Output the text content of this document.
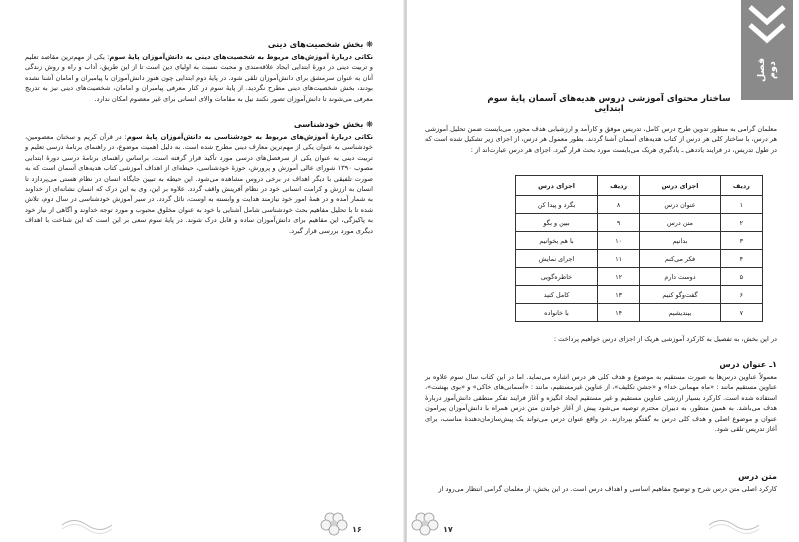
❋ بخش شخصیت‌های دینی

نکاتی دربارهٔ آموزش‌های مربوط به شخصیت‌های دینی به دانش‌آموزان پایهٔ سوم: یکی از مهم‌ترین مقاصد تعلیم و تربیت دینی در دورهٔ ابتدایی ایجاد علاقه‌مندی و محبت نسبت به اولیای دین است تا از این طریق، آداب و راه و روش زندگی آنان به عنوان سرمشق برای دانش‌آموزان تلقی شود. در پایهٔ دوم ابتدایی چون هنوز دانش‌آموزان با پیامبران و امامان آشنا نشده بودند، بخش شخصیت‌های دینی مطرح نگردید. از پایهٔ سوم در کنار معرفی پیامبران و امامان، شخصیت‌های دینی نیز به تدریج معرفی می‌شوند تا دانش‌آموزان تصور نکنند نیل به مقامات والای انسانی برای غیر معصوم امکان ندارد.

❋ بخش خودشناسی

نکاتی دربارهٔ آموزش‌های مربوط به خودشناسی به دانش‌آموزان پایهٔ سوم: در قرآن کریم و سخنان معصومین، خودشناسی به عنوان یکی از مهم‌ترین معارف دینی مطرح شده است. به دلیل اهمیت موضوع، در راهنمای برنامهٔ درسی تعلیم و تربیت دینی به عنوان یکی از سرفصل‌های درسی مورد تأکید قرار گرفته است. براساس راهنمای برنامهٔ درسی دورهٔ ابتدایی مصوب ۱۳۹۰ شورای عالی آموزش و پرورش، حوزهٔ خودشناسی، حیطه‌ای از اهداف آموزشی کتاب هدیه‌های آسمان است که به صورت تلفیقی با دیگر اهداف در برخی دروس مشاهده می‌شود. این حیطه به تبیین جایگاه انسان در نظام هستی می‌پردازد تا انسان به ارزش و کرامت انسانی خود در نظام آفرینش واقف گردد. علاوه بر این، وی به این درک که انسان نشانه‌ای از خداوند به شمار آمده و در همهٔ امور خود نیازمند هدایت و وابسته به اوست، نائل گردد. در سیر آموزش خودشناسی در سال دوم، تلاش شده تا با تحلیل مفاهیم بحث خودشناسی شامل آشنایی با خود به عنوان مخلوق محبوب و مورد توجه خداوند و آگاهی از نیاز خود به پاکیزگی، این مفاهیم برای دانش‌آموزان ساده و قابل درک شوند. در پایهٔ سوم سعی بر این است که این شناخت با اهداف دیگری مورد بررسی قرار گیرد.

۱۶
فصل دوم
ساختار محتوای آموزشی دروس هدیه‌های آسمان پایهٔ سوم ابتدایی
معلمان گرامی به منظور تدوین طرح درس کامل، تدریس موفق و کارآمد و ارزشیابی هدف محور، می‌بایست ضمن تحلیل آموزشی هر درس، با ساختار کلی هر درس از کتاب هدیه‌های آسمان آشنا گردند. بطور معمول هر درس، از اجزای زیر تشکیل شده است که در طول تدریس، در فرایند یاددهی ـ یادگیری هریک می‌بایست مورد بحث قرار گیرد. اجزای هر درس عبارت‌اند از :
ردیف	اجزای درس	ردیف	اجزای درس
۱	عنوان درس	۸	بگرد و پیدا کن
۲	متن درس	۹	ببین و بگو
۳	بدانیم	۱۰	با هم بخوانیم
۴	فکر می‌کنم	۱۱	اجرای نمایش
۵	دوست دارم	۱۲	خاطره‌گویی
۶	گفت‌وگو کنیم	۱۳	کامل کنید
۷	بیندیشیم	۱۴	با خانواده
در این بخش، به تفصیل به کارکرد آموزشی هریک از اجزای درس خواهیم پرداخت :
۱ـ عنوان درس

معمولاً عناوین درس‌ها به صورت مستقیم به موضوع و هدف کلی هر درس اشاره می‌نماید. اما در این کتاب سال سوم علاوه بر عناوین مستقیم مانند : «ماه مهمانی خدا» و «جشن تکلیف»، از عناوین غیرمستقیم، مانند : «آسمانی‌های خاکی» و «بوی بهشت»، استفاده شده است. کارکرد بسیار ارزشی عناوین مستقیم و غیر مستقیم ایجاد انگیزه و آغاز فرایند تفکر منطقی دانش‌آموز دربارهٔ هدف می‌باشد. به همین منظور، به دبیران محترم توصیه می‌شود پیش از آغاز خواندن متن درس همراه با دانش‌آموزان پیرامون عنوان و موضوع اصلی و هدف کلی درس به گفتگو بپردازند. در واقع عنوان درس می‌تواند یک پیش‌سازمان‌دهندهٔ مناسب، برای آغاز تدریس تلقی شود.

متن درس

کارکرد اصلی متن درس شرح و توضیح مفاهیم اساسی و اهداف درس است. در این بخش، از معلمان گرامی انتظار می‌رود از

۱۷
